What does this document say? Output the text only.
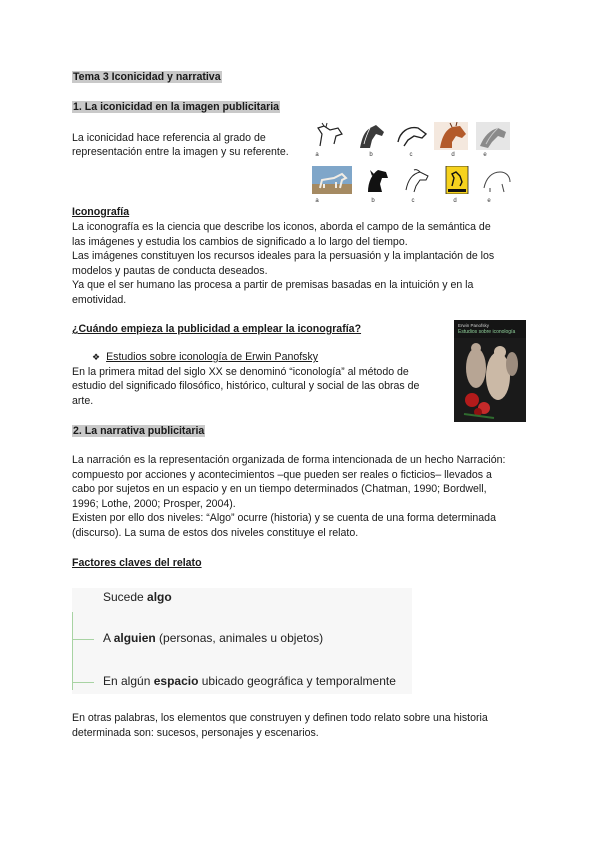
Tema 3 Iconicidad y narrativa
1. La iconicidad en la imagen publicitaria
La iconicidad hace referencia al grado de
representación entre la imagen y su referente.	a	b	c	d	e
a	b	c	d	e
Iconografía
La iconografía es la ciencia que describe los iconos, aborda el campo de la semántica de
las imágenes y estudia los cambios de significado a lo largo del tiempo.
Las imágenes constituyen los recursos ideales para la persuasión y la implantación de los
modelos y pautas de conducta deseados.
Ya que el ser humano las procesa a partir de premisas basadas en la intuición y en la
emotividad.
¿Cuándo empieza la publicidad a emplear la iconografía?
❖ Estudios sobre iconología de Erwin Panofsky
En la primera mitad del siglo XX se denominó “iconología” al método de
estudio del significado filosófico, histórico, cultural y social de las obras de
arte.
Erwin Panofsky
Estudios sobre iconología
2. La narrativa publicitaria
La narración es la representación organizada de forma intencionada de un hecho Narración:
compuesto por acciones y acontecimientos –que pueden ser reales o ficticios– llevados a
cabo por sujetos en un espacio y en un tiempo determinados (Chatman, 1990; Bordwell,
1996; Lothe, 2000; Prosper, 2004).
Existen por ello dos niveles: “Algo” ocurre (historia) y se cuenta de una forma determinada
(discurso). La suma de estos dos niveles constituye el relato.
Factores claves del relato
Sucede algo
A alguien (personas, animales u objetos)
En algún espacio ubicado geográfica y temporalmente
En otras palabras, los elementos que construyen y definen todo relato sobre una historia
determinada son: sucesos, personajes y escenarios.
